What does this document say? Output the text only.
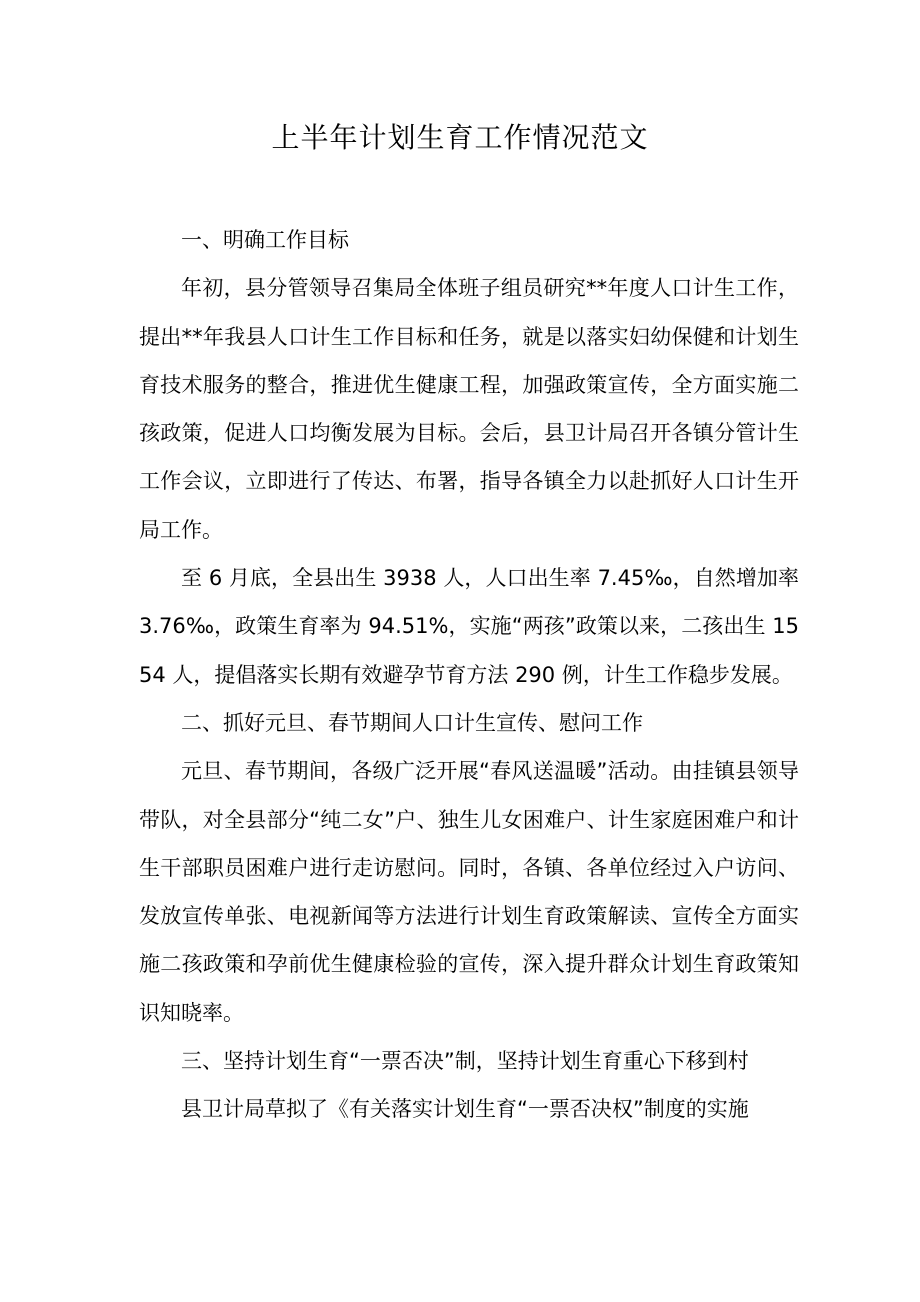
上半年计划生育工作情况范文

一、明确工作目标

年初，县分管领导召集局全体班子组员研究**年度人口计生工作，提出**年我县人口计生工作目标和任务，就是以落实妇幼保健和计划生育技术服务的整合，推进优生健康工程，加强政策宣传，全方面实施二孩政策，促进人口均衡发展为目标。会后，县卫计局召开各镇分管计生工作会议，立即进行了传达、布署，指导各镇全力以赴抓好人口计生开局工作。

至 6 月底，全县出生 3938 人，人口出生率 7.45‰，自然增加率 3.76‰，政策生育率为 94.51%，实施“两孩”政策以来，二孩出生 1554 人，提倡落实长期有效避孕节育方法 290 例，计生工作稳步发展。

二、抓好元旦、春节期间人口计生宣传、慰问工作

元旦、春节期间，各级广泛开展“春风送温暖”活动。由挂镇县领导带队，对全县部分“纯二女”户、独生儿女困难户、计生家庭困难户和计生干部职员困难户进行走访慰问。同时，各镇、各单位经过入户访问、发放宣传单张、电视新闻等方法进行计划生育政策解读、宣传全方面实施二孩政策和孕前优生健康检验的宣传，深入提升群众计划生育政策知识知晓率。

三、坚持计划生育“一票否决”制，坚持计划生育重心下移到村

县卫计局草拟了《有关落实计划生育“一票否决权”制度的实施
